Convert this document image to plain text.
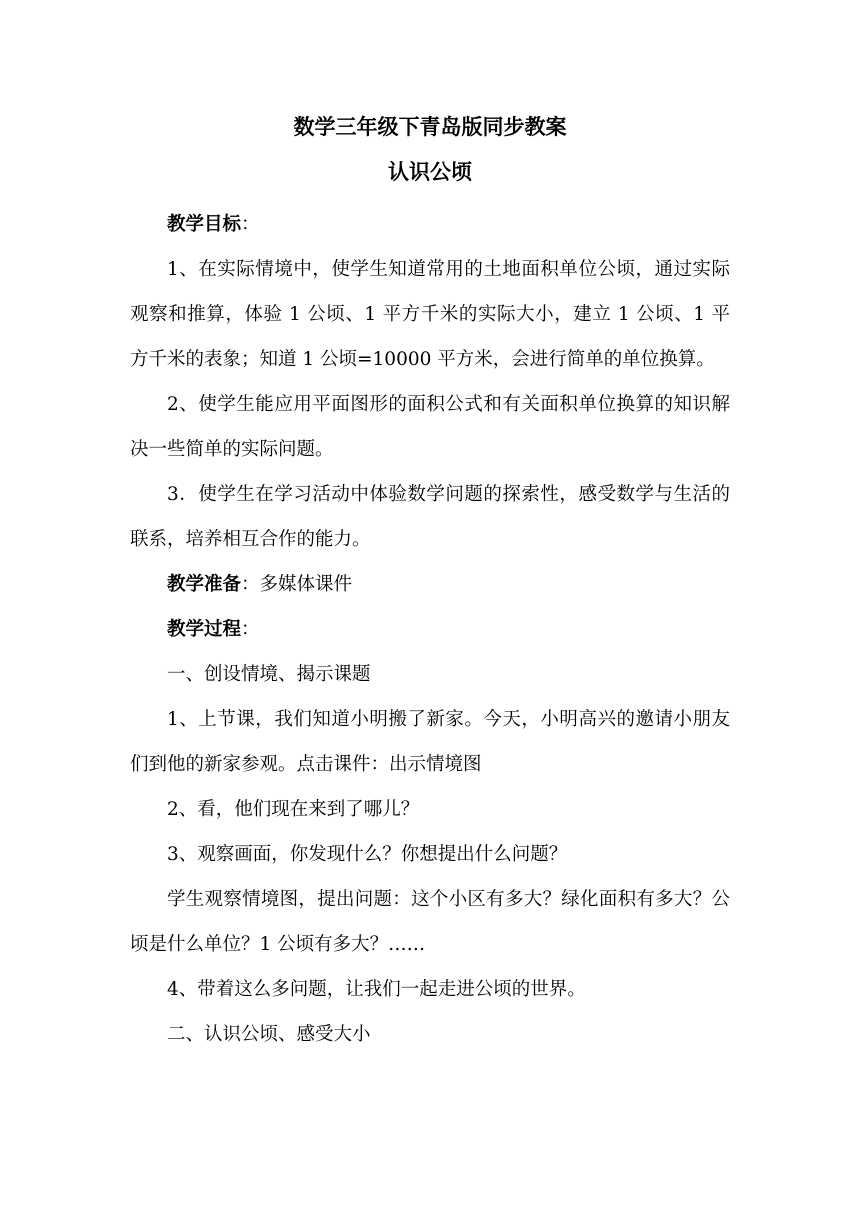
数学三年级下青岛版同步教案
认识公顷

教学目标：

1、在实际情境中，使学生知道常用的土地面积单位公顷，通过实际观察和推算，体验 1 公顷、1 平方千米的实际大小，建立 1 公顷、1 平方千米的表象；知道 1 公顷=10000 平方米，会进行简单的单位换算。

2、使学生能应用平面图形的面积公式和有关面积单位换算的知识解决一些简单的实际问题。

3．使学生在学习活动中体验数学问题的探索性，感受数学与生活的联系，培养相互合作的能力。

教学准备：多媒体课件

教学过程：

一、创设情境、揭示课题

1、上节课，我们知道小明搬了新家。今天，小明高兴的邀请小朋友们到他的新家参观。点击课件：出示情境图

2、看，他们现在来到了哪儿？

3、观察画面，你发现什么？你想提出什么问题？

学生观察情境图，提出问题：这个小区有多大？绿化面积有多大？公顷是什么单位？1 公顷有多大？……

4、带着这么多问题，让我们一起走进公顷的世界。

二、认识公顷、感受大小
